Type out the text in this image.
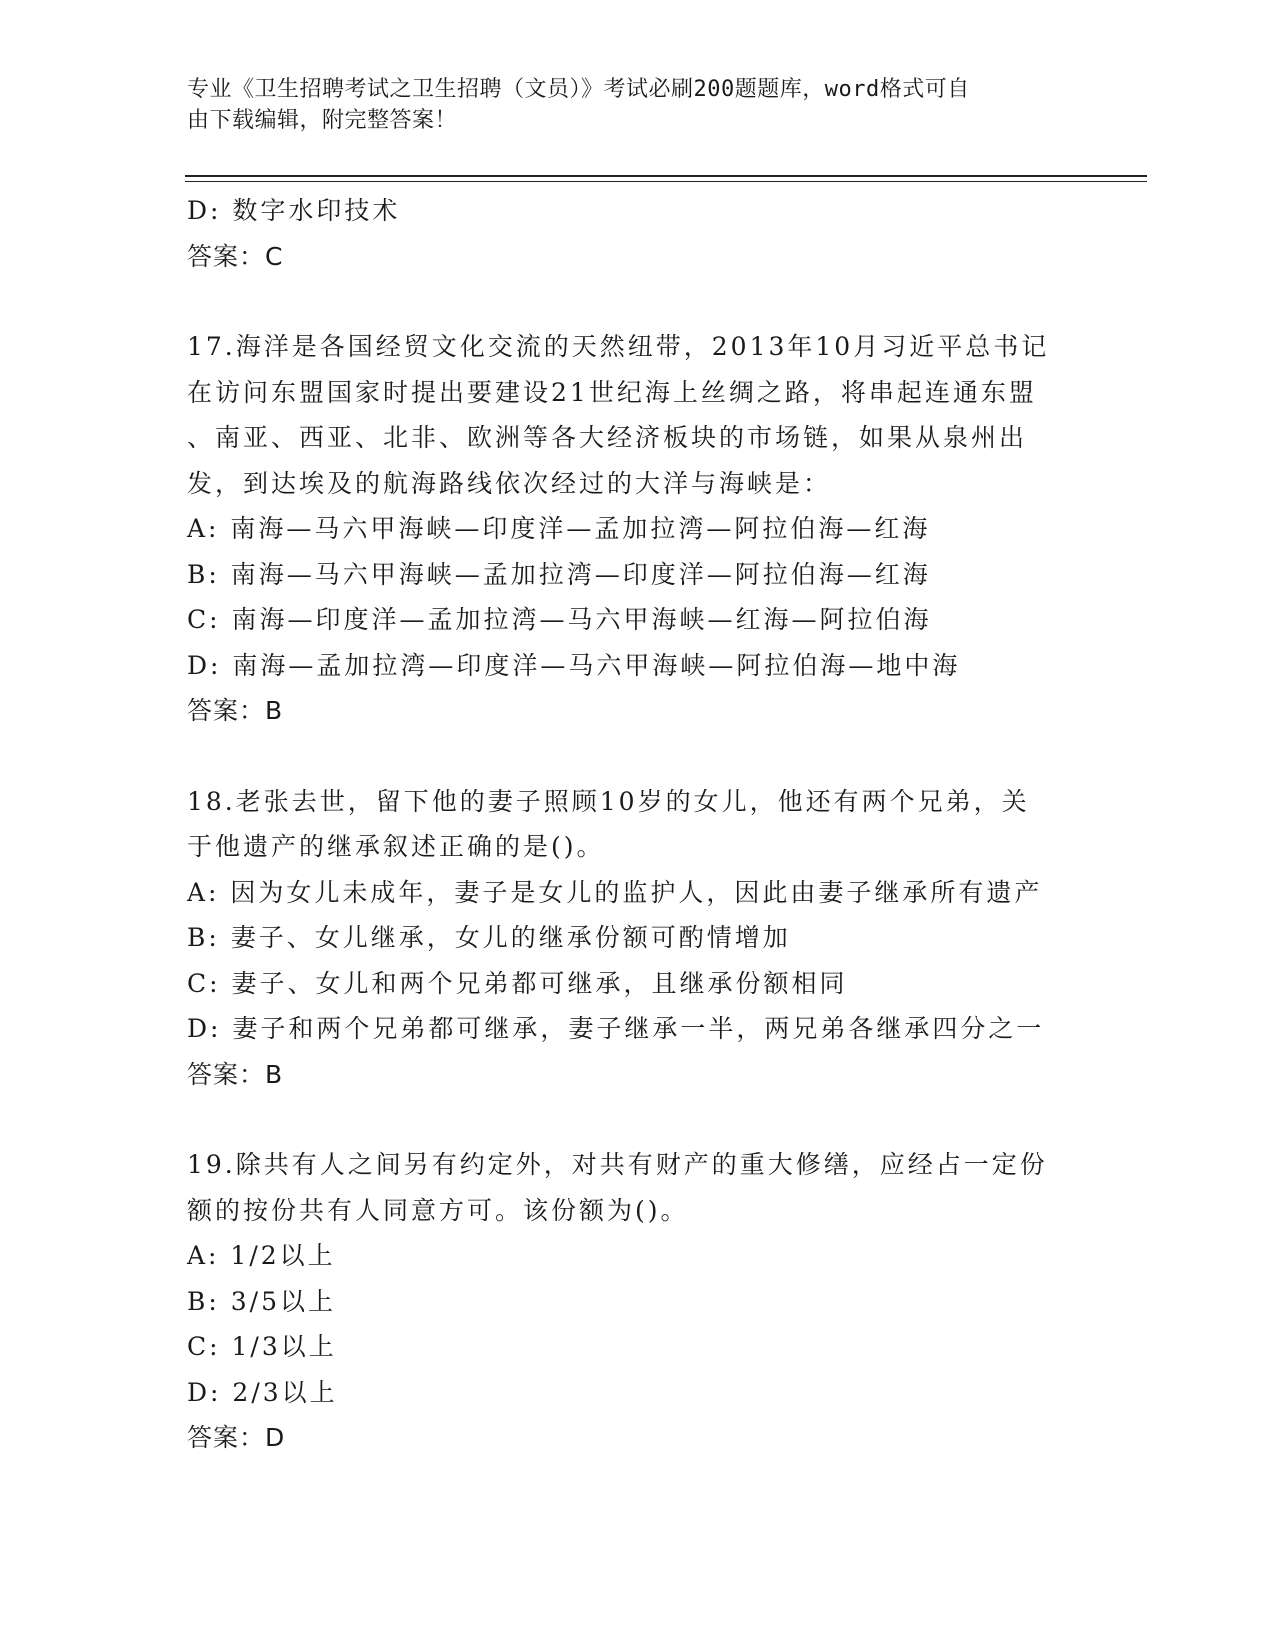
专业《卫生招聘考试之卫生招聘（文员）》考试必刷200题题库，word格式可自
由下载编辑，附完整答案！
D: 数字水印技术
答案：C
17.海洋是各国经贸文化交流的天然纽带，2013年10月习近平总书记
在访问东盟国家时提出要建设21世纪海上丝绸之路，将串起连通东盟
、南亚、西亚、北非、欧洲等各大经济板块的市场链，如果从泉州出
发，到达埃及的航海路线依次经过的大洋与海峡是：
A: 南海—马六甲海峡—印度洋—孟加拉湾—阿拉伯海—红海
B: 南海—马六甲海峡—孟加拉湾—印度洋—阿拉伯海—红海
C: 南海—印度洋—孟加拉湾—马六甲海峡—红海—阿拉伯海
D: 南海—孟加拉湾—印度洋—马六甲海峡—阿拉伯海—地中海
答案：B
18.老张去世，留下他的妻子照顾10岁的女儿，他还有两个兄弟，关
于他遗产的继承叙述正确的是()。
A: 因为女儿未成年，妻子是女儿的监护人，因此由妻子继承所有遗产
B: 妻子、女儿继承，女儿的继承份额可酌情增加
C: 妻子、女儿和两个兄弟都可继承，且继承份额相同
D: 妻子和两个兄弟都可继承，妻子继承一半，两兄弟各继承四分之一
答案：B
19.除共有人之间另有约定外，对共有财产的重大修缮，应经占一定份
额的按份共有人同意方可。该份额为()。
A: 1/2以上
B: 3/5以上
C: 1/3以上
D: 2/3以上
答案：D
